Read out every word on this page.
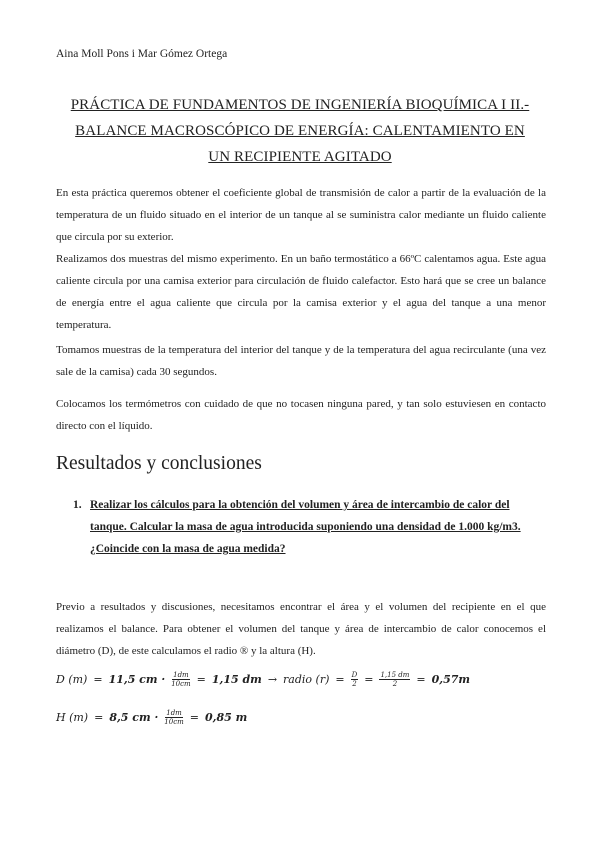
Aina Moll Pons i Mar Gómez Ortega
PRÁCTICA DE FUNDAMENTOS DE INGENIERÍA BIOQUÍMICA I II.-
BALANCE MACROSCÓPICO DE ENERGÍA: CALENTAMIENTO EN
UN RECIPIENTE AGITADO
En esta práctica queremos obtener el coeficiente global de transmisión de calor a partir de la evaluación de la temperatura de un fluido situado en el interior de un tanque al se suministra calor mediante un fluido caliente que circula por su exterior.
Realizamos dos muestras del mismo experimento. En un baño termostático a 66ºC calentamos agua. Este agua caliente circula por una camisa exterior para circulación de fluido calefactor. Esto hará que se cree un balance de energía entre el agua caliente que circula por la camisa exterior y el agua del tanque a una menor temperatura.
Tomamos muestras de la temperatura del interior del tanque y de la temperatura del agua recirculante (una vez sale de la camisa) cada 30 segundos.
Colocamos los termómetros con cuidado de que no tocasen ninguna pared, y tan solo estuviesen en contacto directo con el líquido.
Resultados y conclusiones
1. Realizar los cálculos para la obtención del volumen y área de intercambio de calor del tanque. Calcular la masa de agua introducida suponiendo una densidad de 1.000 kg/m3. ¿Coincide con la masa de agua medida?
Previo a resultados y discusiones, necesitamos encontrar el área y el volumen del recipiente en el que realizamos el balance. Para obtener el volumen del tanque y área de intercambio de calor conocemos el diámetro (D), de este calculamos el radio ® y la altura (H).
D (m) = 11,5 cm · $\frac{1dm}{10cm} = 1,15$ dm → radio $(r) = \frac{D}{2} = \frac{1,15 dm}{2} = 0,57m$
H (m) = 8,5 cm · $\frac{1dm}{10cm} = 0,85$ m
